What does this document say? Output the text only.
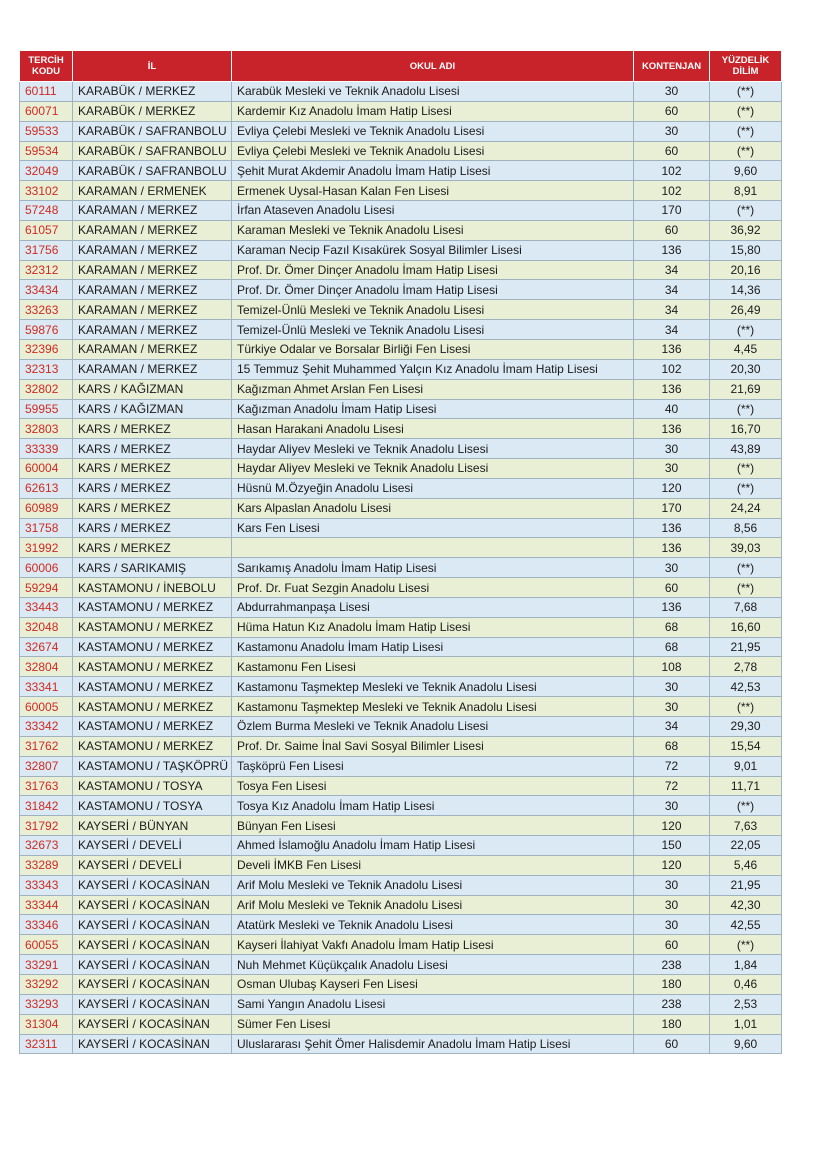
TERCİH KODU	İL	OKUL ADI	KONTENJAN	YÜZDELİK DİLİM
60111	KARABÜK / MERKEZ	Karabük Mesleki ve Teknik Anadolu Lisesi	30	(**)
60071	KARABÜK / MERKEZ	Kardemir Kız Anadolu İmam Hatip Lisesi	60	(**)
59533	KARABÜK / SAFRANBOLU	Evliya Çelebi Mesleki ve Teknik Anadolu Lisesi	30	(**)
59534	KARABÜK / SAFRANBOLU	Evliya Çelebi Mesleki ve Teknik Anadolu Lisesi	60	(**)
32049	KARABÜK / SAFRANBOLU	Şehit Murat Akdemir Anadolu İmam Hatip Lisesi	102	9,60
33102	KARAMAN / ERMENEK	Ermenek Uysal-Hasan Kalan Fen Lisesi	102	8,91
57248	KARAMAN / MERKEZ	İrfan Ataseven Anadolu Lisesi	170	(**)
61057	KARAMAN / MERKEZ	Karaman Mesleki ve Teknik Anadolu Lisesi	60	36,92
31756	KARAMAN / MERKEZ	Karaman Necip Fazıl Kısakürek Sosyal Bilimler Lisesi	136	15,80
32312	KARAMAN / MERKEZ	Prof. Dr. Ömer Dinçer Anadolu İmam Hatip Lisesi	34	20,16
33434	KARAMAN / MERKEZ	Prof. Dr. Ömer Dinçer Anadolu İmam Hatip Lisesi	34	14,36
33263	KARAMAN / MERKEZ	Temizel-Ünlü Mesleki ve Teknik Anadolu Lisesi	34	26,49
59876	KARAMAN / MERKEZ	Temizel-Ünlü Mesleki ve Teknik Anadolu Lisesi	34	(**)
32396	KARAMAN / MERKEZ	Türkiye Odalar ve Borsalar Birliği Fen Lisesi	136	4,45
32313	KARAMAN / MERKEZ	15 Temmuz Şehit Muhammed Yalçın Kız Anadolu İmam Hatip Lisesi	102	20,30
32802	KARS / KAĞIZMAN	Kağızman Ahmet Arslan Fen Lisesi	136	21,69
59955	KARS / KAĞIZMAN	Kağızman Anadolu İmam Hatip Lisesi	40	(**)
32803	KARS / MERKEZ	Hasan Harakani Anadolu Lisesi	136	16,70
33339	KARS / MERKEZ	Haydar Aliyev Mesleki ve Teknik Anadolu Lisesi	30	43,89
60004	KARS / MERKEZ	Haydar Aliyev Mesleki ve Teknik Anadolu Lisesi	30	(**)
62613	KARS / MERKEZ	Hüsnü M.Özyeğin Anadolu Lisesi	120	(**)
60989	KARS / MERKEZ	Kars Alpaslan Anadolu Lisesi	170	24,24
31758	KARS / MERKEZ	Kars Fen Lisesi	136	8,56
31992	KARS / MERKEZ		136	39,03
60006	KARS / SARIKAMIŞ	Sarıkamış Anadolu İmam Hatip Lisesi	30	(**)
59294	KASTAMONU / İNEBOLU	Prof. Dr. Fuat Sezgin Anadolu Lisesi	60	(**)
33443	KASTAMONU / MERKEZ	Abdurrahmanpaşa Lisesi	136	7,68
32048	KASTAMONU / MERKEZ	Hüma Hatun Kız Anadolu İmam Hatip Lisesi	68	16,60
32674	KASTAMONU / MERKEZ	Kastamonu Anadolu İmam Hatip Lisesi	68	21,95
32804	KASTAMONU / MERKEZ	Kastamonu Fen Lisesi	108	2,78
33341	KASTAMONU / MERKEZ	Kastamonu Taşmektep Mesleki ve Teknik Anadolu Lisesi	30	42,53
60005	KASTAMONU / MERKEZ	Kastamonu Taşmektep Mesleki ve Teknik Anadolu Lisesi	30	(**)
33342	KASTAMONU / MERKEZ	Özlem Burma Mesleki ve Teknik Anadolu Lisesi	34	29,30
31762	KASTAMONU / MERKEZ	Prof. Dr. Saime İnal Savi Sosyal Bilimler Lisesi	68	15,54
32807	KASTAMONU / TAŞKÖPRÜ	Taşköprü Fen Lisesi	72	9,01
31763	KASTAMONU / TOSYA	Tosya Fen Lisesi	72	11,71
31842	KASTAMONU / TOSYA	Tosya Kız Anadolu İmam Hatip Lisesi	30	(**)
31792	KAYSERİ / BÜNYAN	Bünyan Fen Lisesi	120	7,63
32673	KAYSERİ / DEVELİ	Ahmed İslamoğlu Anadolu İmam Hatip Lisesi	150	22,05
33289	KAYSERİ / DEVELİ	Develi İMKB Fen Lisesi	120	5,46
33343	KAYSERİ / KOCASİNAN	Arif Molu Mesleki ve Teknik Anadolu Lisesi	30	21,95
33344	KAYSERİ / KOCASİNAN	Arif Molu Mesleki ve Teknik Anadolu Lisesi	30	42,30
33346	KAYSERİ / KOCASİNAN	Atatürk Mesleki ve Teknik Anadolu Lisesi	30	42,55
60055	KAYSERİ / KOCASİNAN	Kayseri İlahiyat Vakfı Anadolu İmam Hatip Lisesi	60	(**)
33291	KAYSERİ / KOCASİNAN	Nuh Mehmet Küçükçalık Anadolu Lisesi	238	1,84
33292	KAYSERİ / KOCASİNAN	Osman Ulubaş Kayseri Fen Lisesi	180	0,46
33293	KAYSERİ / KOCASİNAN	Sami Yangın Anadolu Lisesi	238	2,53
31304	KAYSERİ / KOCASİNAN	Sümer Fen Lisesi	180	1,01
32311	KAYSERİ / KOCASİNAN	Uluslararası Şehit Ömer Halisdemir Anadolu İmam Hatip Lisesi	60	9,60
